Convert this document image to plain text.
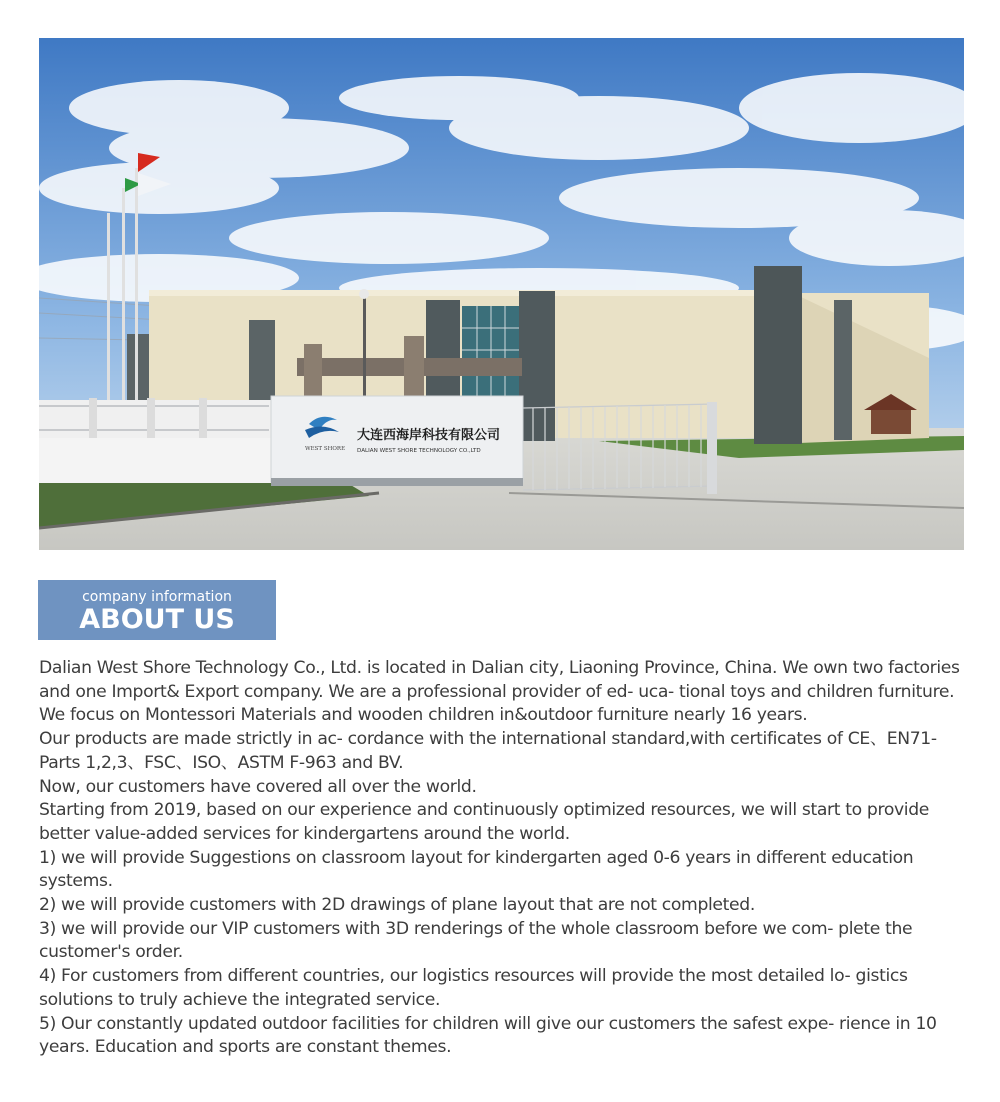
WEST SHORE
大连西海岸科技有限公司
DALIAN WEST SHORE TECHNOLOGY CO.,LTD
company information
ABOUT US

Dalian West Shore Technology Co., Ltd. is located in Dalian city, Liaoning Province, China. We own two factories and one Import& Export company. We are a professional provider of ed- uca- tional toys and children furniture.

We focus on Montessori Materials and wooden children in&outdoor furniture nearly 16 years.

Our products are made strictly in ac- cordance with the international standard,with certificates of CE、EN71-Parts 1,2,3、FSC、ISO、ASTM F-963 and BV.

Now, our customers have covered all over the world.

Starting from 2019, based on our experience and continuously optimized resources, we will start to provide better value-added services for kindergartens around the world.

1) we will provide Suggestions on classroom layout for kindergarten aged 0-6 years in different education systems.

2) we will provide customers with 2D drawings of plane layout that are not completed.

3) we will provide our VIP customers with 3D renderings of the whole classroom before we com- plete the customer's order.

4) For customers from different countries, our logistics resources will provide the most detailed lo- gistics solutions to truly achieve the integrated service.

5) Our constantly updated outdoor facilities for children will give our customers the safest expe- rience in 10 years. Education and sports are constant themes.
